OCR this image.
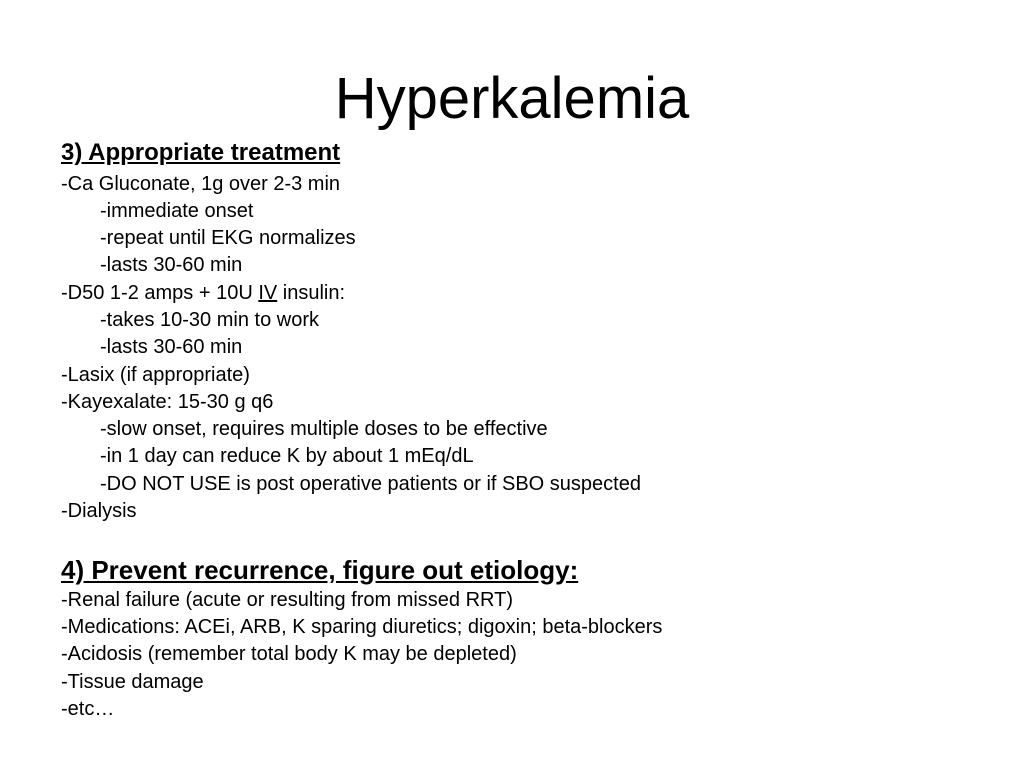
Hyperkalemia

3) Appropriate treatment

-Ca Gluconate, 1g over 2-3 min

-immediate onset

-repeat until EKG normalizes

-lasts 30-60 min

-D50 1-2 amps + 10U IV insulin:

-takes 10-30 min to work

-lasts 30-60 min

-Lasix (if appropriate)

-Kayexalate: 15-30 g q6

-slow onset, requires multiple doses to be effective

-in 1 day can reduce K by about 1 mEq/dL

-DO NOT USE is post operative patients or if SBO suspected

-Dialysis

4) Prevent recurrence, figure out etiology:

-Renal failure (acute or resulting from missed RRT)

-Medications: ACEi, ARB, K sparing diuretics; digoxin; beta-blockers

-Acidosis (remember total body K may be depleted)

-Tissue damage

-etc…
